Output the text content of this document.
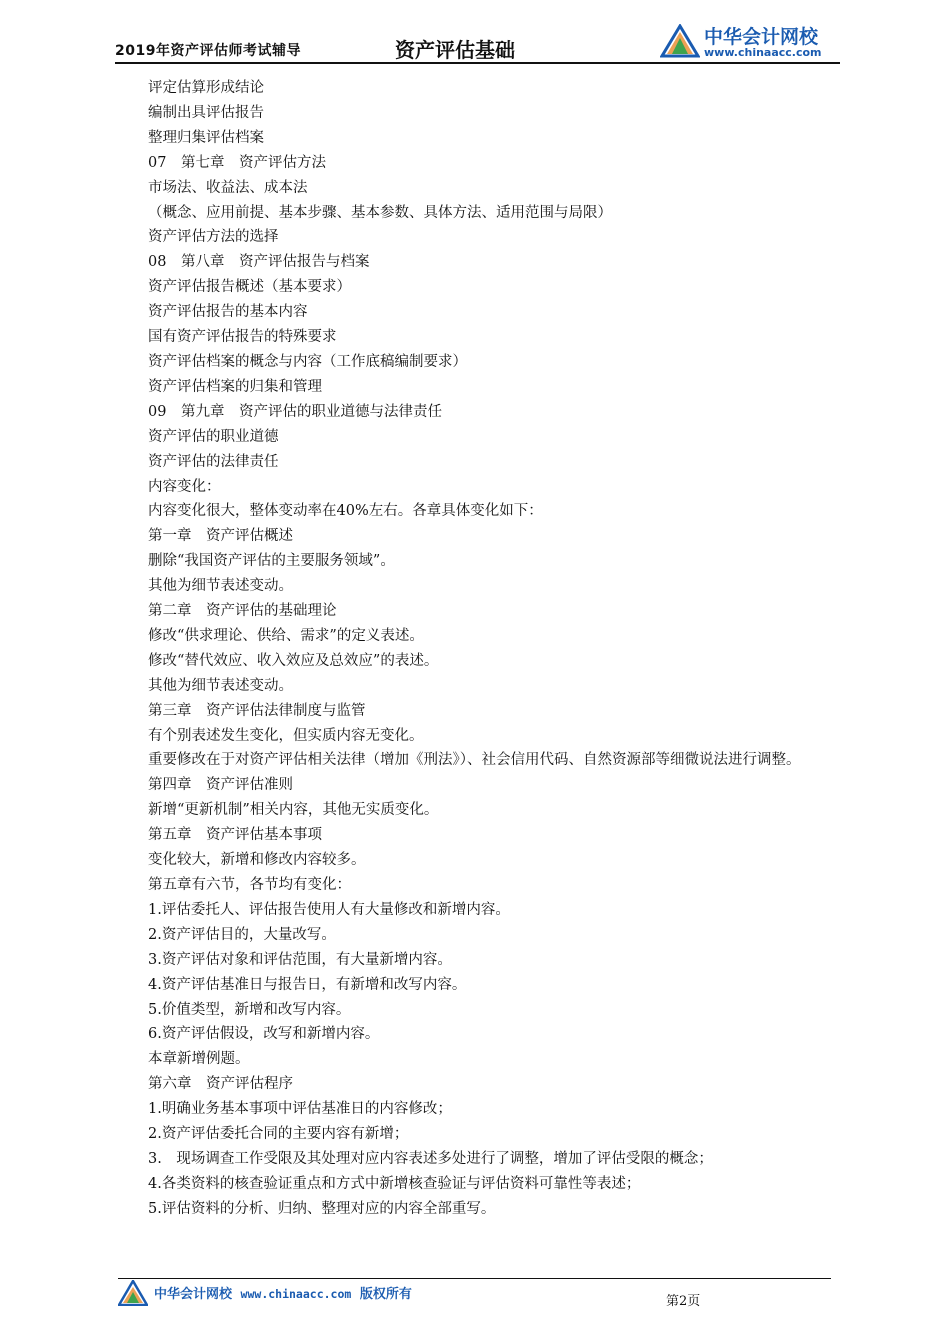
2019年资产评估师考试辅导	资产评估基础
中华会计网校
www.chinaacc.com

评定估算形成结论

编制出具评估报告

整理归集评估档案

07　第七章　资产评估方法

市场法、收益法、成本法

（概念、应用前提、基本步骤、基本参数、具体方法、适用范围与局限）

资产评估方法的选择

08　第八章　资产评估报告与档案

资产评估报告概述（基本要求）

资产评估报告的基本内容

国有资产评估报告的特殊要求

资产评估档案的概念与内容（工作底稿编制要求）

资产评估档案的归集和管理

09　第九章　资产评估的职业道德与法律责任

资产评估的职业道德

资产评估的法律责任

内容变化：

内容变化很大，整体变动率在40%左右。各章具体变化如下：

第一章　资产评估概述

删除“我国资产评估的主要服务领域”。

其他为细节表述变动。

第二章　资产评估的基础理论

修改“供求理论、供给、需求”的定义表述。

修改“替代效应、收入效应及总效应”的表述。

其他为细节表述变动。

第三章　资产评估法律制度与监管

有个别表述发生变化，但实质内容无变化。

重要修改在于对资产评估相关法律（增加《刑法》）、社会信用代码、自然资源部等细微说法进行调整。

第四章　资产评估准则

新增“更新机制”相关内容，其他无实质变化。

第五章　资产评估基本事项

变化较大，新增和修改内容较多。

第五章有六节，各节均有变化：

1.评估委托人、评估报告使用人有大量修改和新增内容。

2.资产评估目的，大量改写。

3.资产评估对象和评估范围，有大量新增内容。

4.资产评估基准日与报告日，有新增和改写内容。

5.价值类型，新增和改写内容。

6.资产评估假设，改写和新增内容。

本章新增例题。

第六章　资产评估程序

1.明确业务基本事项中评估基准日的内容修改；

2.资产评估委托合同的主要内容有新增；

3.　现场调查工作受限及其处理对应内容表述多处进行了调整，增加了评估受限的概念；

4.各类资料的核查验证重点和方式中新增核查验证与评估资料可靠性等表述；

5.评估资料的分析、归纳、整理对应的内容全部重写。

中华会计网校 www.chinaacc.com 版权所有	第2页
